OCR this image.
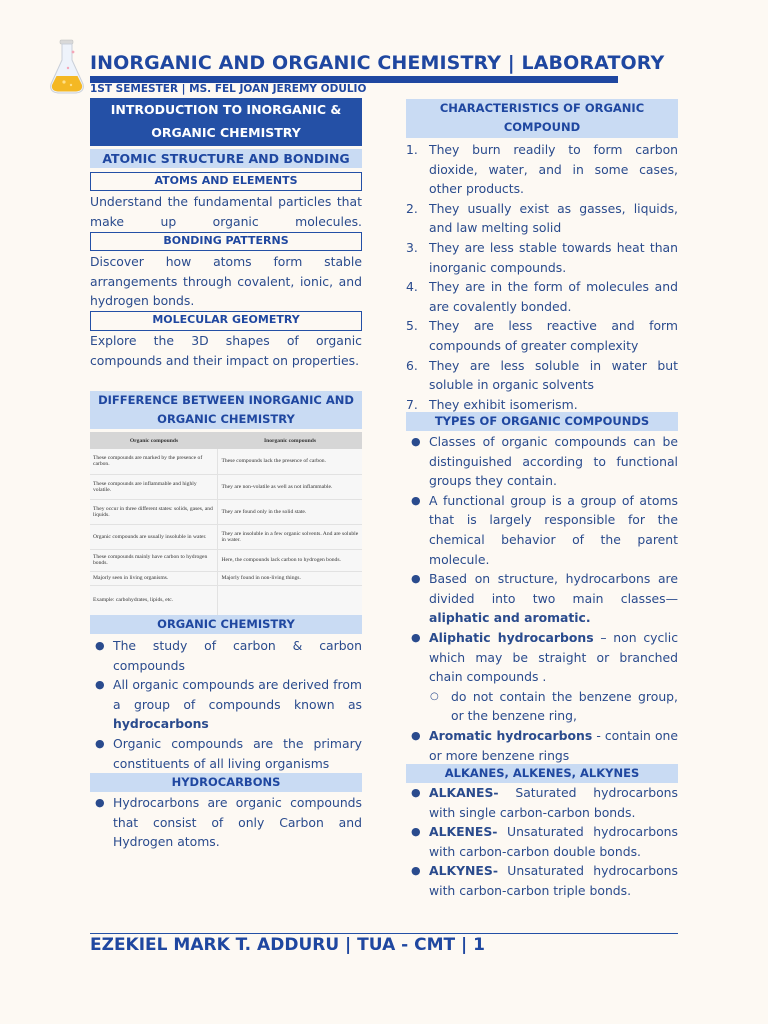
INORGANIC AND ORGANIC CHEMISTRY | LABORATORY
1ST SEMESTER | MS. FEL JOAN JEREMY ODULIO
INTRODUCTION TO INORGANIC &
ORGANIC CHEMISTRY
ATOMIC STRUCTURE AND BONDING
ATOMS AND ELEMENTS
Understand the fundamental particles that make up organic molecules.
BONDING PATTERNS
Discover how atoms form stable arrangements through covalent, ionic, and hydrogen bonds.
MOLECULAR GEOMETRY
Explore the 3D shapes of organic compounds and their impact on properties.
DIFFERENCE BETWEEN INORGANIC AND
ORGANIC CHEMISTRY
Organic compounds	Inorganic compounds
These compounds are marked by the presence of carbon.	These compounds lack the presence of carbon.
These compounds are inflammable and highly volatile.	They are non-volatile as well as not inflammable.
They occur in three different states: solids, gases, and liquids.	They are found only in the solid state.
Organic compounds are usually insoluble in water.	They are insoluble in a few organic solvents. And are soluble in water.
These compounds mainly have carbon to hydrogen bonds.	Here, the compounds lack carbon to hydrogen bonds.
Majorly seen in living organisms.	Majorly found in non-living things.
Example: carbohydrates, lipids, etc.	
ORGANIC CHEMISTRY
● The study of carbon & carbon compounds
● All organic compounds are derived from a group of compounds known as hydrocarbons
● Organic compounds are the primary constituents of all living organisms
HYDROCARBONS
● Hydrocarbons are organic compounds that consist of only Carbon and Hydrogen atoms.
CHARACTERISTICS OF ORGANIC
COMPOUND
1. They burn readily to form carbon dioxide, water, and in some cases, other products.
2. They usually exist as gasses, liquids, and law melting solid
3. They are less stable towards heat than inorganic compounds.
4. They are in the form of molecules and are covalently bonded.
5. They are less reactive and form compounds of greater complexity
6. They are less soluble in water but soluble in organic solvents
7. They exhibit isomerism.
TYPES OF ORGANIC COMPOUNDS
● Classes of organic compounds can be distinguished according to functional groups they contain.
● A functional group is a group of atoms that is largely responsible for the chemical behavior of the parent molecule.
● Based on structure, hydrocarbons are divided into two main classes—aliphatic and aromatic.
● Aliphatic hydrocarbons – non cyclic which may be straight or branched chain compounds .
○ do not contain the benzene group, or the benzene ring,
● Aromatic hydrocarbons - contain one or more benzene rings
ALKANES, ALKENES, ALKYNES
● ALKANES- Saturated hydrocarbons with single carbon-carbon bonds.
● ALKENES- Unsaturated hydrocarbons with carbon-carbon double bonds.
● ALKYNES- Unsaturated hydrocarbons with carbon-carbon triple bonds.
EZEKIEL MARK T. ADDURU | TUA - CMT | 1
